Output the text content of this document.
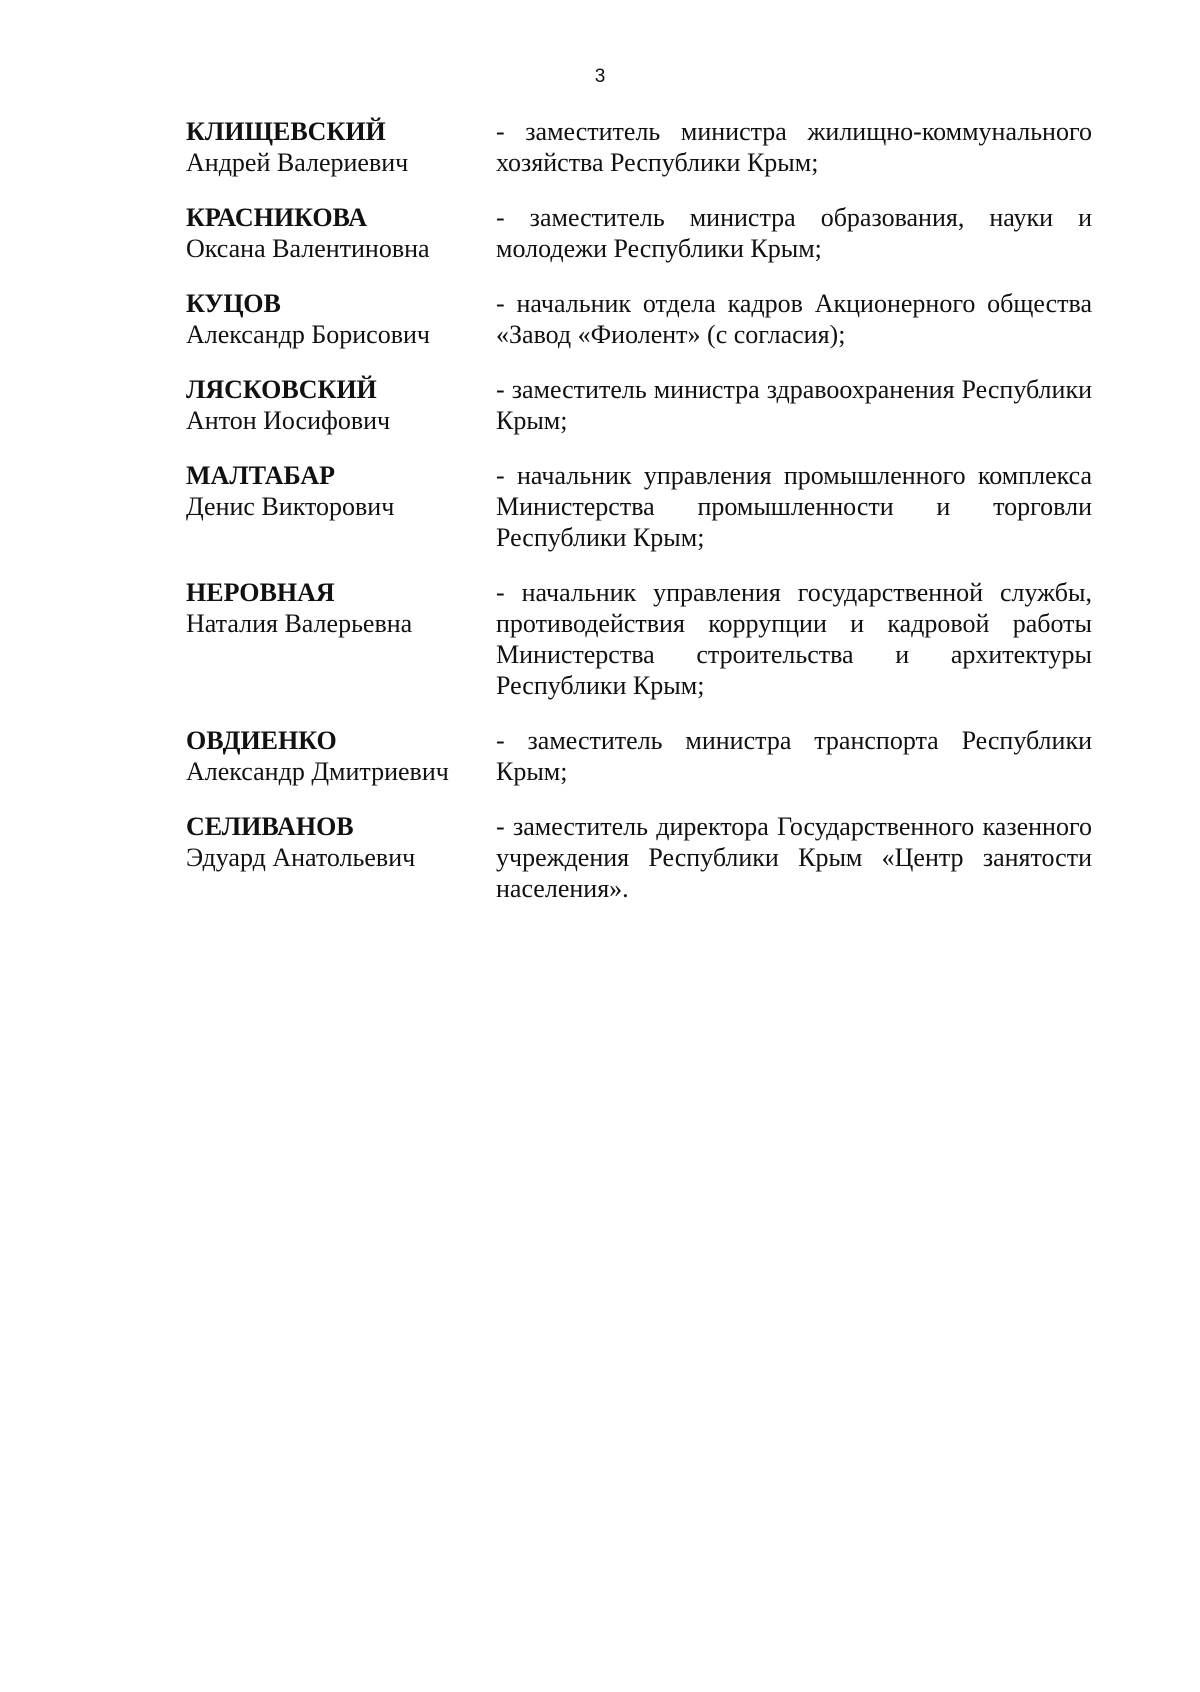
3
КЛИЩЕВСКИЙ
Андрей Валериевич
- заместитель министра жилищно-коммунального хозяйства Республики Крым;
КРАСНИКОВА
Оксана Валентиновна
- заместитель министра образования, науки и молодежи Республики Крым;
КУЦОВ
Александр Борисович
- начальник отдела кадров Акционерного общества «Завод «Фиолент» (с согласия);
ЛЯСКОВСКИЙ
Антон Иосифович
- заместитель министра здравоохранения Республики Крым;
МАЛТАБАР
Денис Викторович
- начальник управления промышленного комплекса Министерства промышленности и торговли Республики Крым;
НЕРОВНАЯ
Наталия Валерьевна
- начальник управления государственной службы, противодействия коррупции и кадровой работы Министерства строительства и архитектуры Республики Крым;
ОВДИЕНКО
Александр Дмитриевич
- заместитель министра транспорта Республики Крым;
СЕЛИВАНОВ
Эдуард Анатольевич
- заместитель директора Государственного казенного учреждения Республики Крым «Центр занятости населения».
